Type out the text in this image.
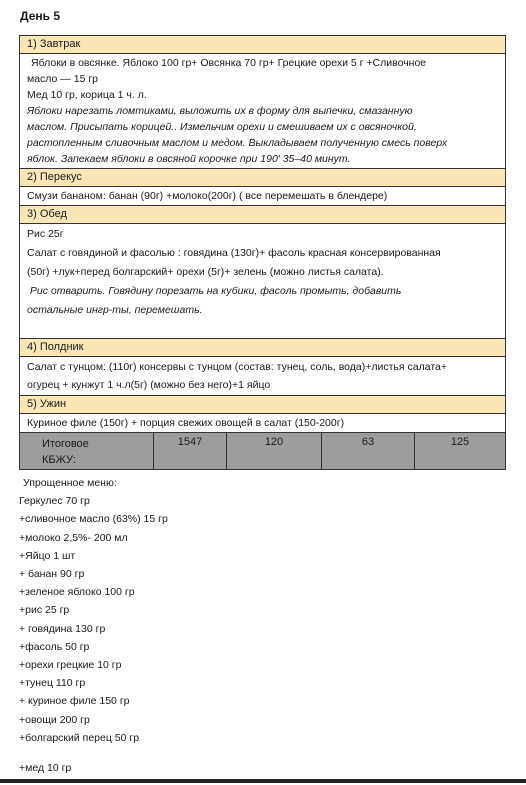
День 5
1) Завтрак
Яблоки в овсянке. Яблоко 100 гр+ Овсянка 70 гр+ Грецкие орехи 5 г +Сливочное
масло — 15 гр
Мед 10 гр, корица 1 ч. л.
Яблоки нарезать ломтиками, выложить их в форму для выпечки, смазанную
маслом. Присыпать корицей.. Измельчим орехи и смешиваем их с овсяночкой,
растопленным сливочным маслом и медом. Выкладываем полученную смесь поверх
яблок. Запекаем яблоки в овсяной корочке при 190' 35–40 минут.
2) Перекус
Смузи бананом: банан (90г) +молоко(200г) ( все перемешать в блендере)
3) Обед
Рис 25г
Салат с говядиной и фасолью : говядина (130г)+ фасоль красная консервированная
(50г) +лук+перед болгарский+ орехи (5г)+ зелень (можно листья салата).
Рис отварить. Говядину порезать на кубики, фасоль промыть, добавить
остальные ингр-ты, перемешать.
4) Полдник
Салат с тунцом: (110г) консервы с тунцом (состав: тунец, соль, вода)+листья салата+
огурец + кунжут 1 ч.л(5г) (можно без него)+1 яйцо
5) Ужин
Куриное филе (150г) + порция свежих овощей в салат (150-200г)
Итоговое
КБЖУ:
1547	120	63	125
Упрощенное меню:
Геркулес 70 гр
+сливочное масло (63%) 15 гр
+молоко 2,5%- 200 мл
+Яйцо 1 шт
+ банан 90 гр
+зеленое яблоко 100 гр
+рис 25 гр
+ говядина 130 гр
+фасоль 50 гр
+орехи грецкие 10 гр
+тунец 110 гр
+ куриное филе 150 гр
+овощи 200 гр
+болгарский перец 50 гр
+мед 10 гр
